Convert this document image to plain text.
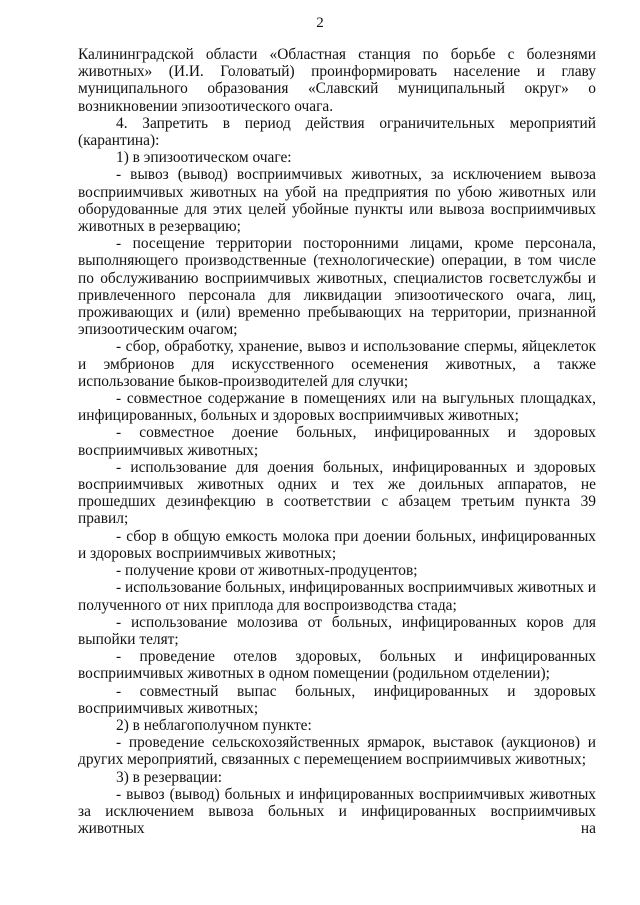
2

Калининградской области «Областная станция по борьбе с болезнями животных» (И.И. Головатый) проинформировать население и главу муниципального образования «Славский муниципальный округ» о возникновении эпизоотического очага.

4. Запретить в период действия ограничительных мероприятий (карантина):

1) в эпизоотическом очаге:

- вывоз (вывод) восприимчивых животных, за исключением вывоза восприимчивых животных на убой на предприятия по убою животных или оборудованные для этих целей убойные пункты или вывоза восприимчивых животных в резервацию;

- посещение территории посторонними лицами, кроме персонала, выполняющего производственные (технологические) операции, в том числе по обслуживанию восприимчивых животных, специалистов госветслужбы и привлеченного персонала для ликвидации эпизоотического очага, лиц, проживающих и (или) временно пребывающих на территории, признанной эпизоотическим очагом;

- сбор, обработку, хранение, вывоз и использование спермы, яйцеклеток и эмбрионов для искусственного осеменения животных, а также использование быков-производителей для случки;

- совместное содержание в помещениях или на выгульных площадках, инфицированных, больных и здоровых восприимчивых животных;

- совместное доение больных, инфицированных и здоровых восприимчивых животных;

- использование для доения больных, инфицированных и здоровых восприимчивых животных одних и тех же доильных аппаратов, не прошедших дезинфекцию в соответствии с абзацем третьим пункта 39 правил;

- сбор в общую емкость молока при доении больных, инфицированных и здоровых восприимчивых животных;

- получение крови от животных-продуцентов;

- использование больных, инфицированных восприимчивых животных и полученного от них приплода для воспроизводства стада;

- использование молозива от больных, инфицированных коров для выпойки телят;

- проведение отелов здоровых, больных и инфицированных восприимчивых животных в одном помещении (родильном отделении);

- совместный выпас больных, инфицированных и здоровых восприимчивых животных;

2) в неблагополучном пункте:

- проведение сельскохозяйственных ярмарок, выставок (аукционов) и других мероприятий, связанных с перемещением восприимчивых животных;

3) в резервации:

- вывоз (вывод) больных и инфицированных восприимчивых животных за исключением вывоза больных и инфицированных восприимчивых животных на
